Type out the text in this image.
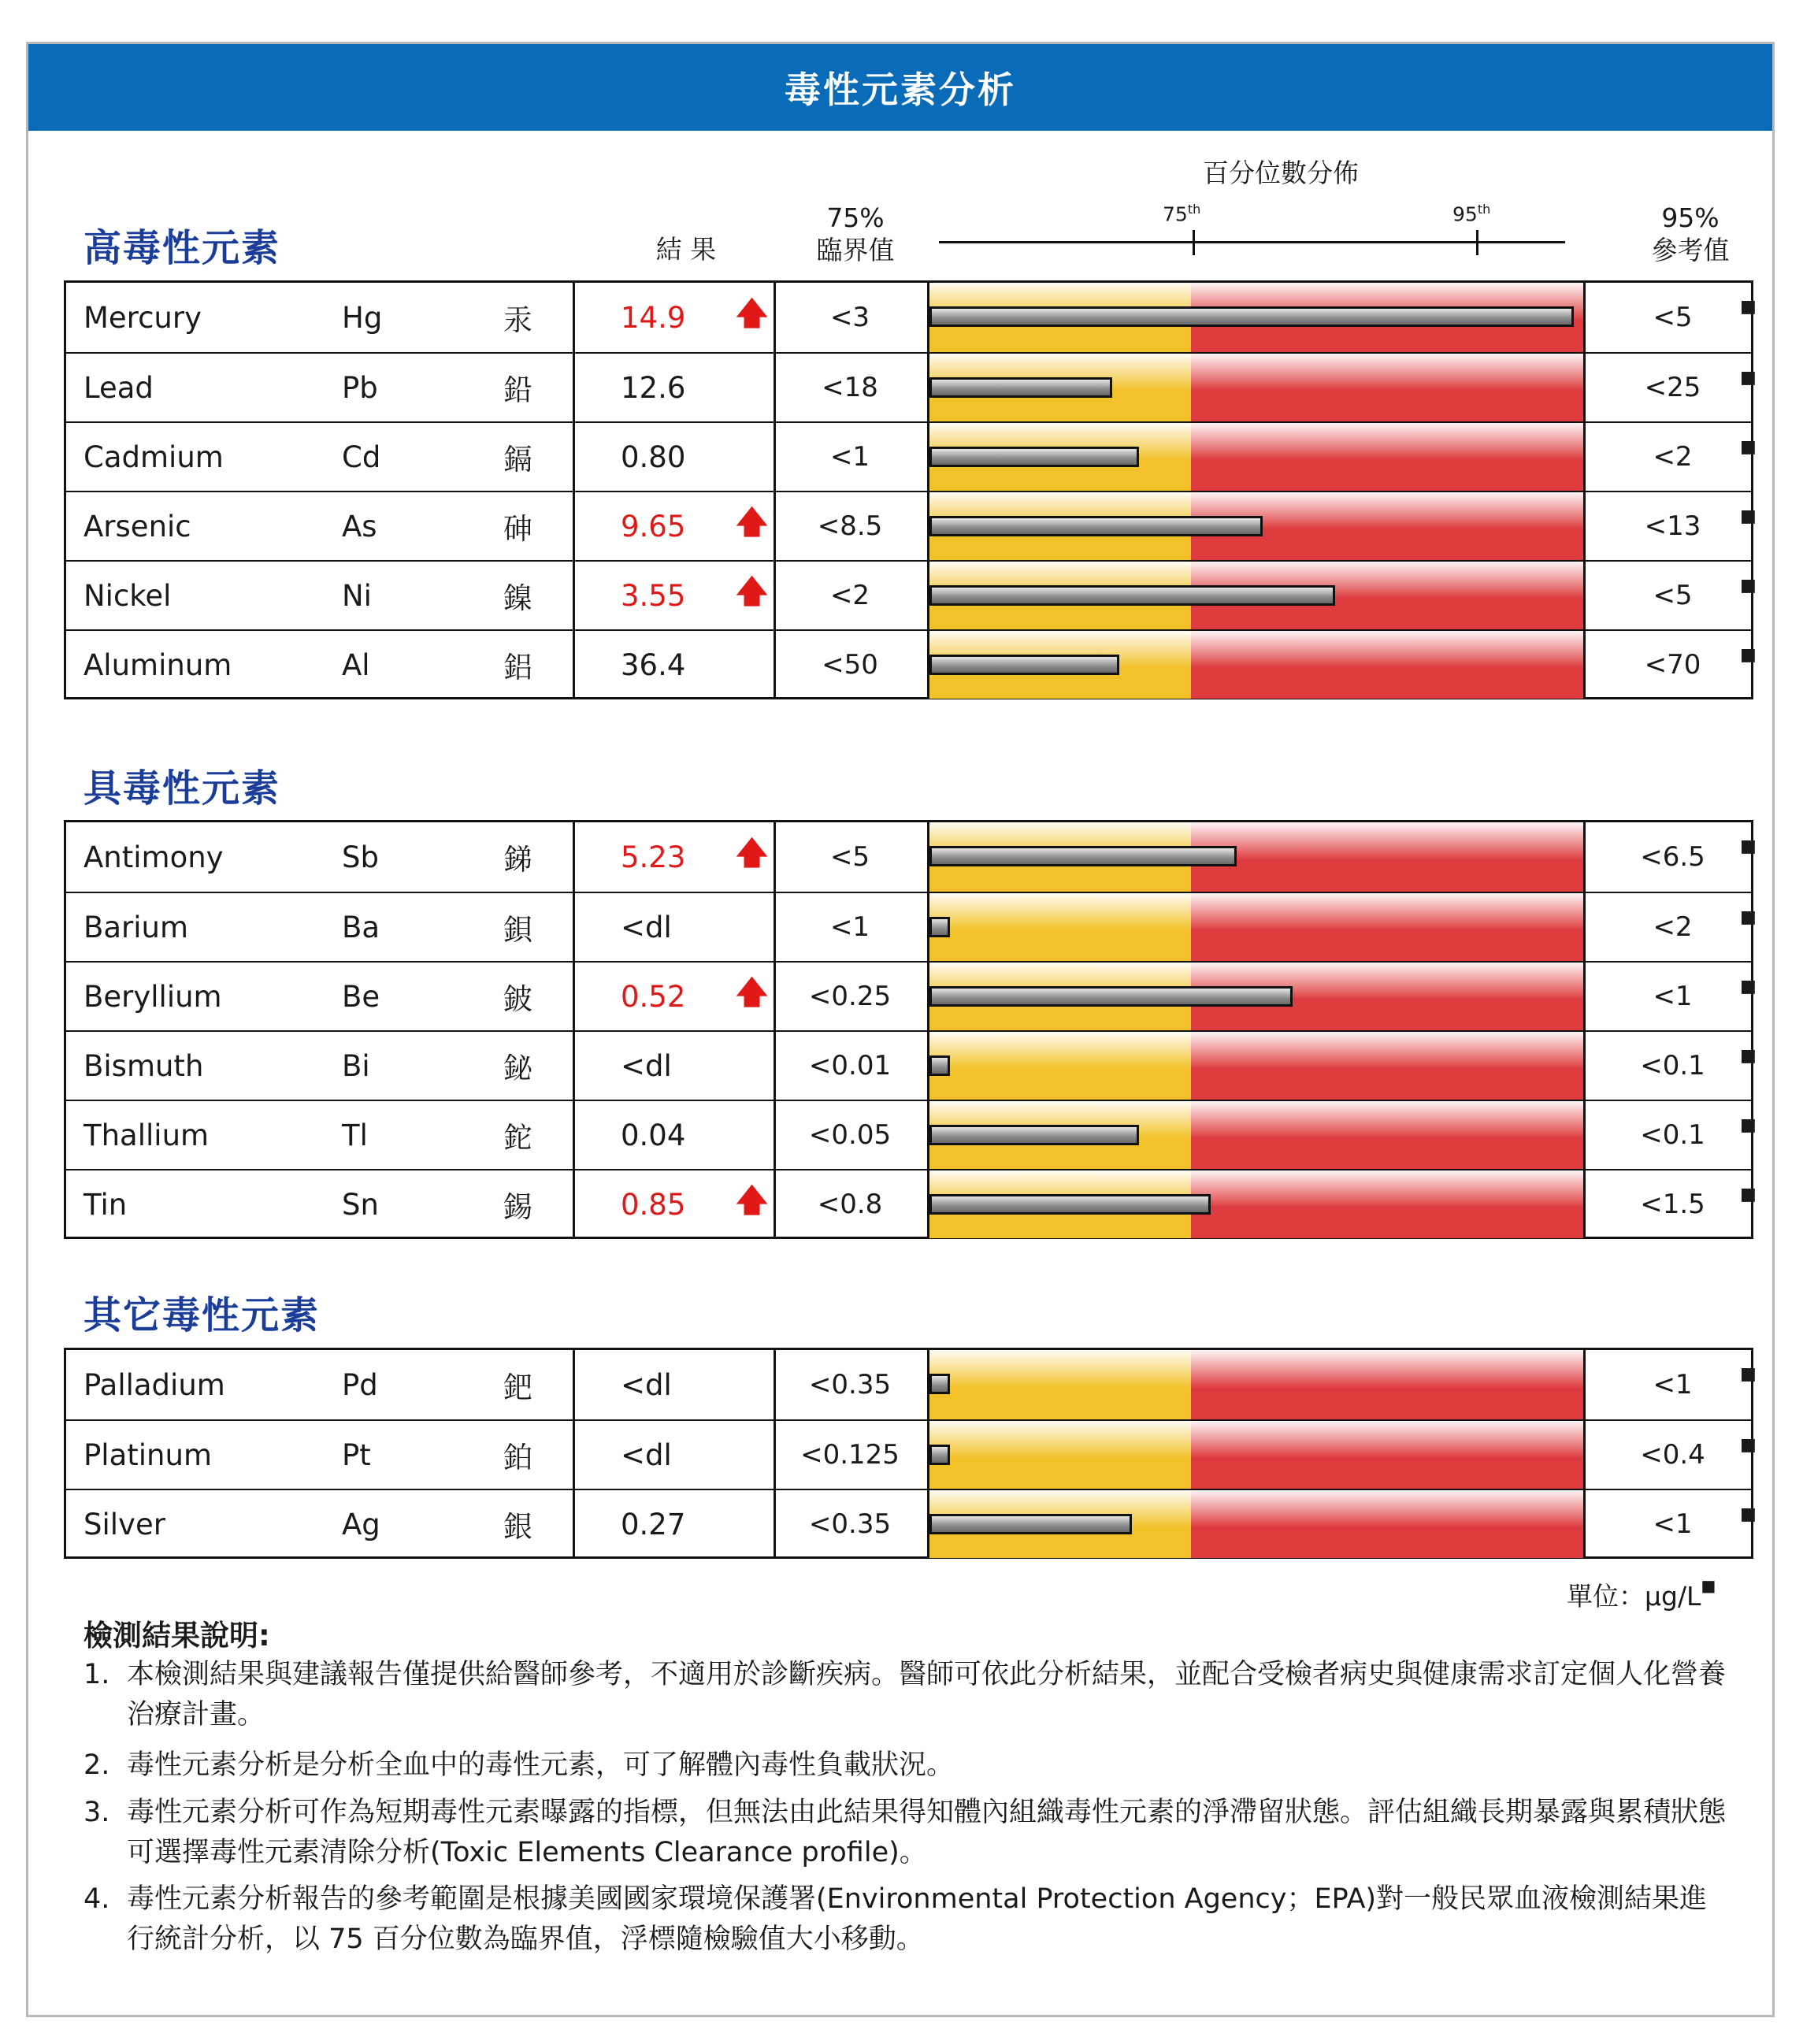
毒性元素分析
百分位數分佈
結 果
75%
臨界值
95%
參考值
75th	95th
高毒性元素
Mercury	Hg	汞	14.9 🡅	<3	<5	■
Lead	Pb	鉛	12.6	<18	<25	■
Cadmium	Cd	鎘	0.80	<1	<2	■
Arsenic	As	砷	9.65 🡅	<8.5	<13	■
Nickel	Ni	鎳	3.55 🡅	<2	<5	■
Aluminum	Al	鋁	36.4	<50	<70	■
具毒性元素
Antimony	Sb	銻	5.23 🡅	<5	<6.5	■
Barium	Ba	鋇	<dl	<1	<2	■
Beryllium	Be	鈹	0.52 🡅	<0.25	<1	■
Bismuth	Bi	鉍	<dl	<0.01	<0.1	■
Thallium	Tl	鉈	0.04	<0.05	<0.1	■
Tin	Sn	錫	0.85 🡅	<0.8	<1.5	■
其它毒性元素
Palladium	Pd	鈀	<dl	<0.35	<1	■
Platinum	Pt	鉑	<dl	<0.125	<0.4	■
Silver	Ag	銀	0.27	<0.35	<1	■
單位：μg/L■
檢測結果說明:
1. 本檢測結果與建議報告僅提供給醫師參考，不適用於診斷疾病。醫師可依此分析結果，並配合受檢者病史與健康需求訂定個人化營養治療計畫。
2. 毒性元素分析是分析全血中的毒性元素，可了解體內毒性負載狀況。
3. 毒性元素分析可作為短期毒性元素曝露的指標，但無法由此結果得知體內組織毒性元素的淨滯留狀態。評估組織長期暴露與累積狀態可選擇毒性元素清除分析(Toxic Elements Clearance profile)。
4. 毒性元素分析報告的參考範圍是根據美國國家環境保護署(Environmental Protection Agency；EPA)對一般民眾血液檢測結果進行統計分析，以 75 百分位數為臨界值，浮標隨檢驗值大小移動。
